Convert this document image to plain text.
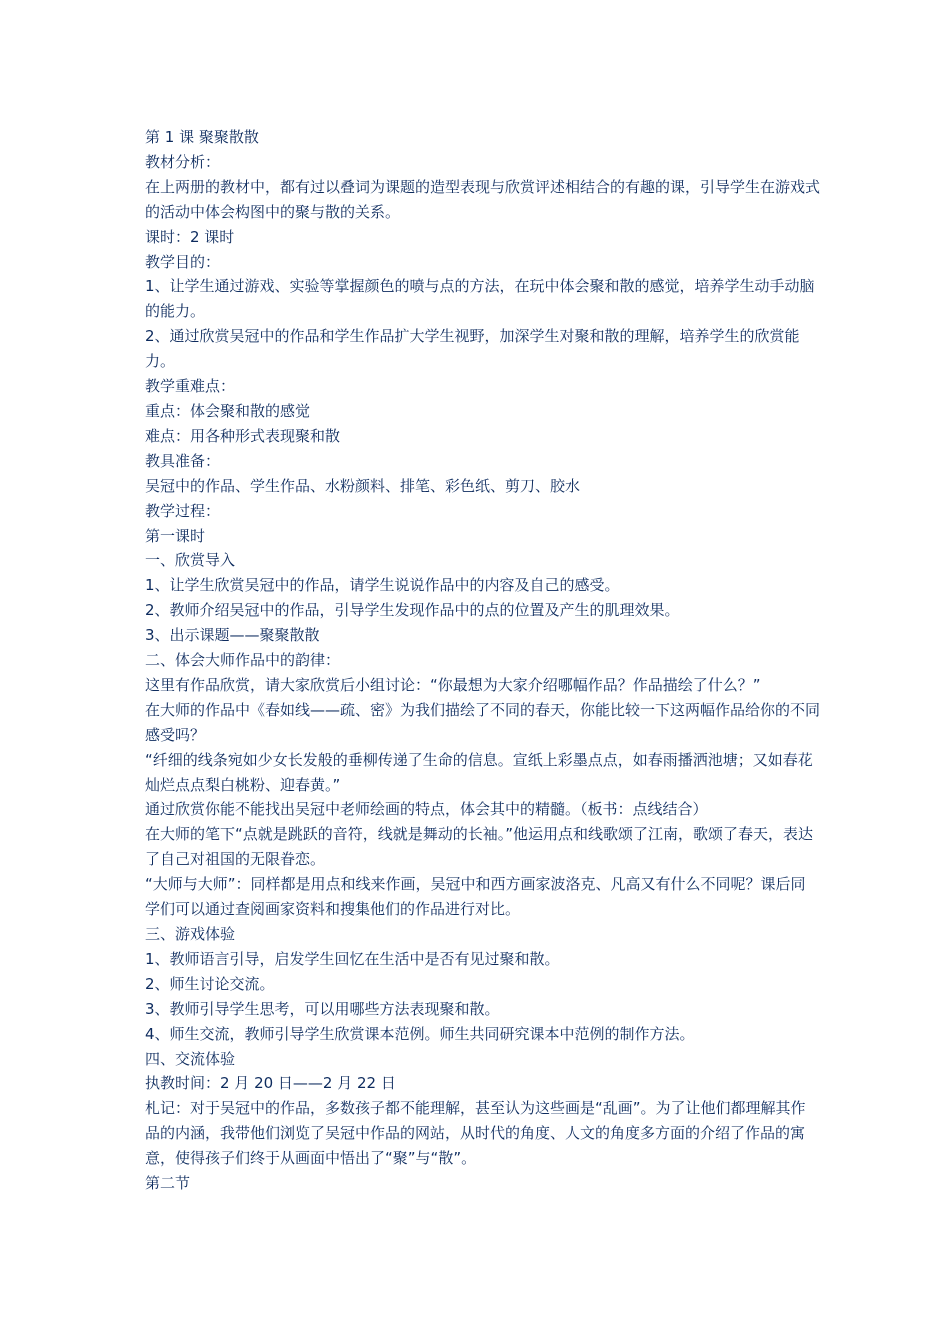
第 1 课 聚聚散散

教材分析：

在上两册的教材中，都有过以叠词为课题的造型表现与欣赏评述相结合的有趣的课，引导学生在游戏式的活动中体会构图中的聚与散的关系。

课时：2 课时

教学目的：

1、让学生通过游戏、实验等掌握颜色的喷与点的方法，在玩中体会聚和散的感觉，培养学生动手动脑的能力。

2、通过欣赏吴冠中的作品和学生作品扩大学生视野，加深学生对聚和散的理解，培养学生的欣赏能力。

教学重难点：

重点：体会聚和散的感觉

难点：用各种形式表现聚和散

教具准备：

吴冠中的作品、学生作品、水粉颜料、排笔、彩色纸、剪刀、胶水

教学过程：

第一课时

一、欣赏导入

1、让学生欣赏吴冠中的作品，请学生说说作品中的内容及自己的感受。

2、教师介绍吴冠中的作品，引导学生发现作品中的点的位置及产生的肌理效果。

3、出示课题——聚聚散散

二、体会大师作品中的韵律：

这里有作品欣赏，请大家欣赏后小组讨论：“你最想为大家介绍哪幅作品？作品描绘了什么？”

在大师的作品中《春如线——疏、密》为我们描绘了不同的春天，你能比较一下这两幅作品给你的不同感受吗？

“纤细的线条宛如少女长发般的垂柳传递了生命的信息。宣纸上彩墨点点，如春雨播洒池塘；又如春花灿烂点点梨白桃粉、迎春黄。”

通过欣赏你能不能找出吴冠中老师绘画的特点，体会其中的精髓。（板书：点线结合）

在大师的笔下“点就是跳跃的音符，线就是舞动的长袖。”他运用点和线歌颂了江南，歌颂了春天，表达了自己对祖国的无限眷恋。

“大师与大师”：同样都是用点和线来作画，吴冠中和西方画家波洛克、凡高又有什么不同呢？课后同学们可以通过查阅画家资料和搜集他们的作品进行对比。

三、游戏体验

1、教师语言引导，启发学生回忆在生活中是否有见过聚和散。

2、师生讨论交流。

3、教师引导学生思考，可以用哪些方法表现聚和散。

4、师生交流，教师引导学生欣赏课本范例。师生共同研究课本中范例的制作方法。

四、交流体验

执教时间：2 月 20 日——2 月 22 日

札记：对于吴冠中的作品，多数孩子都不能理解，甚至认为这些画是“乱画”。为了让他们都理解其作品的内涵，我带他们浏览了吴冠中作品的网站，从时代的角度、人文的角度多方面的介绍了作品的寓意，使得孩子们终于从画面中悟出了“聚”与“散”。

第二节
